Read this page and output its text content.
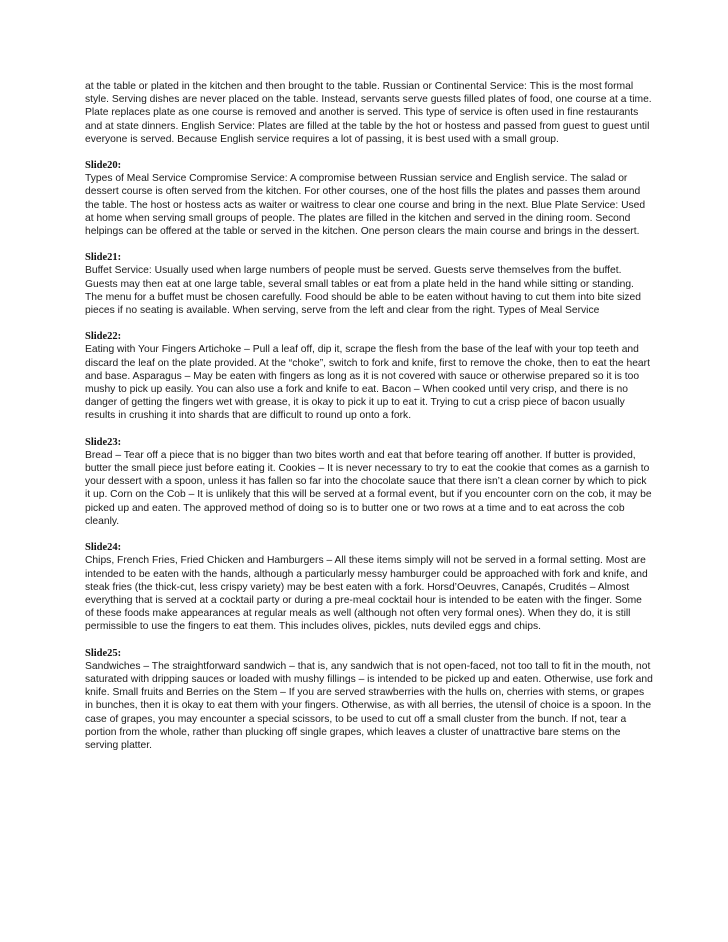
at the table or plated in the kitchen and then brought to the table. Russian or Continental Service: This is the most formal style. Serving dishes are never placed on the table. Instead, servants serve guests filled plates of food, one course at a time. Plate replaces plate as one course is removed and another is served. This type of service is often used in fine restaurants and at state dinners. English Service: Plates are filled at the table by the hot or hostess and passed from guest to guest until everyone is served. Because English service requires a lot of passing, it is best used with a small group.

Slide20:

Types of Meal Service Compromise Service: A compromise between Russian service and English service. The salad or dessert course is often served from the kitchen. For other courses, one of the host fills the plates and passes them around the table. The host or hostess acts as waiter or waitress to clear one course and bring in the next. Blue Plate Service: Used at home when serving small groups of people. The plates are filled in the kitchen and served in the dining room. Second helpings can be offered at the table or served in the kitchen. One person clears the main course and brings in the dessert.

Slide21:

Buffet Service: Usually used when large numbers of people must be served. Guests serve themselves from the buffet. Guests may then eat at one large table, several small tables or eat from a plate held in the hand while sitting or standing. The menu for a buffet must be chosen carefully. Food should be able to be eaten without having to cut them into bite sized pieces if no seating is available. When serving, serve from the left and clear from the right. Types of Meal Service

Slide22:

Eating with Your Fingers Artichoke – Pull a leaf off, dip it, scrape the flesh from the base of the leaf with your top teeth and discard the leaf on the plate provided. At the “choke”, switch to fork and knife, first to remove the choke, then to eat the heart and base. Asparagus – May be eaten with fingers as long as it is not covered with sauce or otherwise prepared so it is too mushy to pick up easily. You can also use a fork and knife to eat. Bacon – When cooked until very crisp, and there is no danger of getting the fingers wet with grease, it is okay to pick it up to eat it. Trying to cut a crisp piece of bacon usually results in crushing it into shards that are difficult to round up onto a fork.

Slide23:

Bread – Tear off a piece that is no bigger than two bites worth and eat that before tearing off another. If butter is provided, butter the small piece just before eating it. Cookies – It is never necessary to try to eat the cookie that comes as a garnish to your dessert with a spoon, unless it has fallen so far into the chocolate sauce that there isn’t a clean corner by which to pick it up. Corn on the Cob – It is unlikely that this will be served at a formal event, but if you encounter corn on the cob, it may be picked up and eaten. The approved method of doing so is to butter one or two rows at a time and to eat across the cob cleanly.

Slide24:

Chips, French Fries, Fried Chicken and Hamburgers – All these items simply will not be served in a formal setting. Most are intended to be eaten with the hands, although a particularly messy hamburger could be approached with fork and knife, and steak fries (the thick-cut, less crispy variety) may be best eaten with a fork. Horsd’Oeuvres, Canapés, Crudités – Almost everything that is served at a cocktail party or during a pre-meal cocktail hour is intended to be eaten with the finger. Some of these foods make appearances at regular meals as well (although not often very formal ones). When they do, it is still permissible to use the fingers to eat them. This includes olives, pickles, nuts deviled eggs and chips.

Slide25:

Sandwiches – The straightforward sandwich – that is, any sandwich that is not open-faced, not too tall to fit in the mouth, not saturated with dripping sauces or loaded with mushy fillings – is intended to be picked up and eaten. Otherwise, use fork and knife. Small fruits and Berries on the Stem – If you are served strawberries with the hulls on, cherries with stems, or grapes in bunches, then it is okay to eat them with your fingers. Otherwise, as with all berries, the utensil of choice is a spoon. In the case of grapes, you may encounter a special scissors, to be used to cut off a small cluster from the bunch. If not, tear a portion from the whole, rather than plucking off single grapes, which leaves a cluster of unattractive bare stems on the serving platter.
